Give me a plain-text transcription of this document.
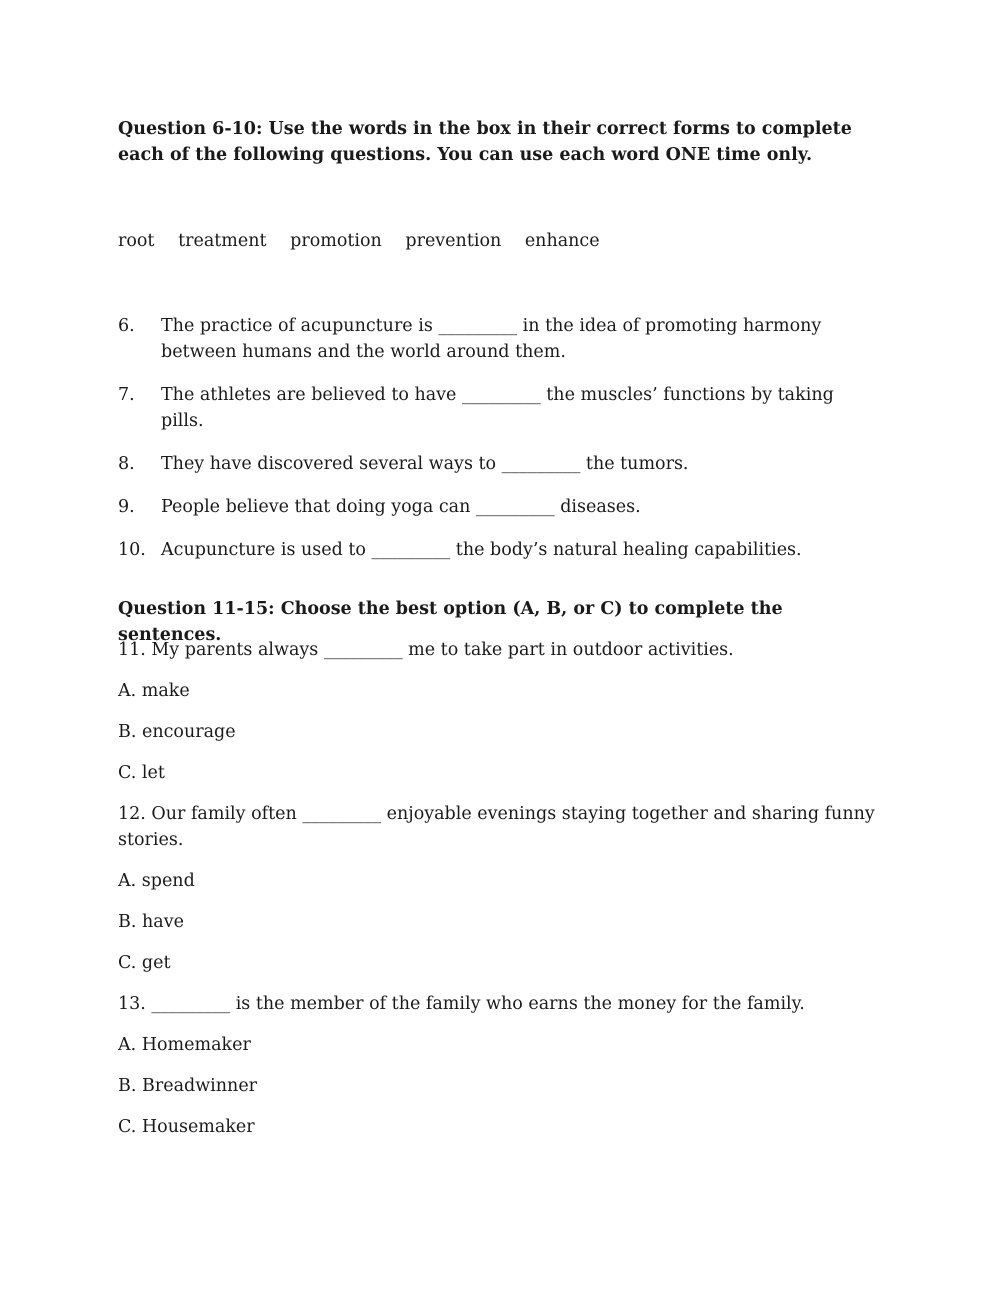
Question 6-10: Use the words in the box in their correct forms to complete each of the following questions. You can use each word ONE time only.

root treatment promotion prevention enhance
6.	The practice of acupuncture is _________ in the idea of promoting harmony between humans and the world around them.
7.	The athletes are believed to have _________ the muscles’ functions by taking pills.
8.	They have discovered several ways to _________ the tumors.
9.	People believe that doing yoga can _________ diseases.
10. Acupuncture is used to _________ the body’s natural healing capabilities.

Question 11-15: Choose the best option (A, B, or C) to complete the sentences.

11. My parents always _________ me to take part in outdoor activities.

A. make

B. encourage

C. let

12. Our family often _________ enjoyable evenings staying together and sharing funny stories.

A. spend

B. have

C. get

13. _________ is the member of the family who earns the money for the family.

A. Homemaker

B. Breadwinner

C. Housemaker
